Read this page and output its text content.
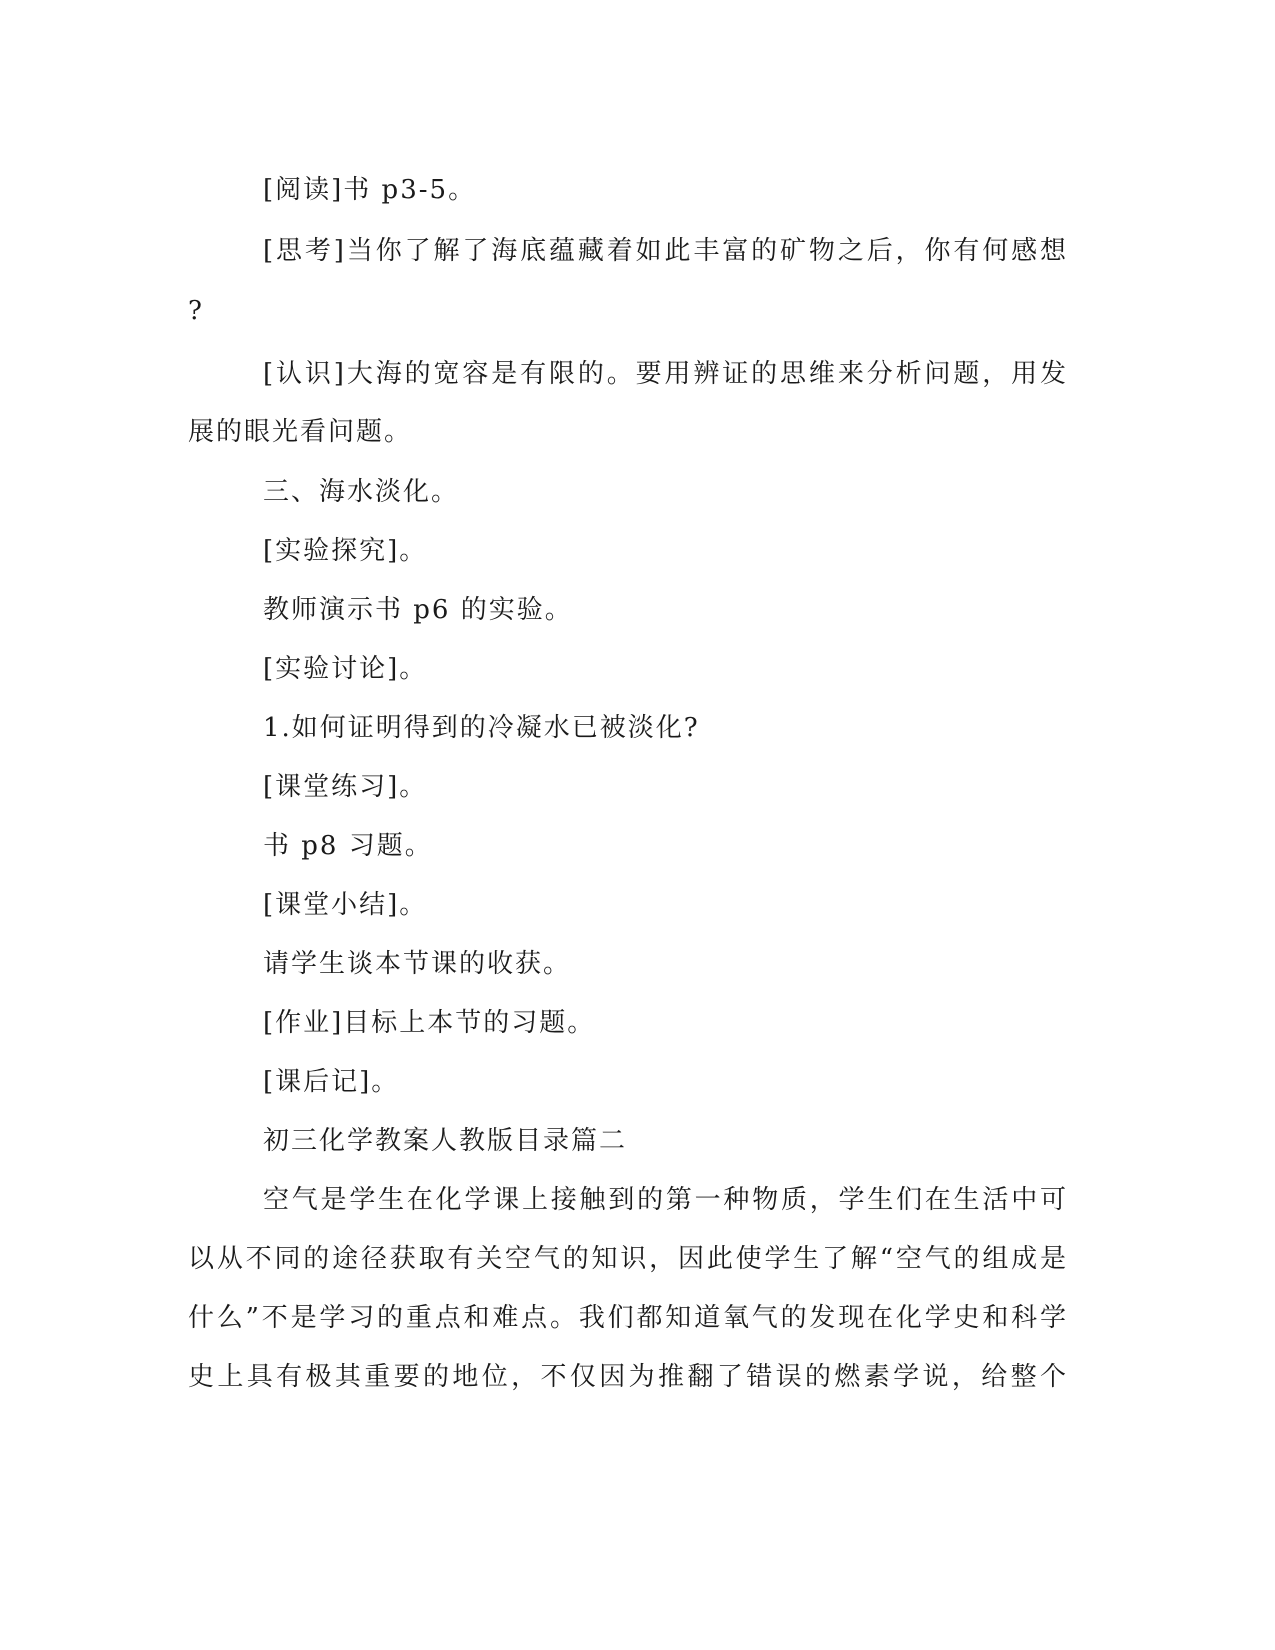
[阅读]书 p3-5。
[思考]当你了解了海底蕴藏着如此丰富的矿物之后，你有何感想
?
[认识]大海的宽容是有限的。要用辨证的思维来分析问题，用发
展的眼光看问题。
三、海水淡化。
[实验探究]。
教师演示书 p6 的实验。
[实验讨论]。
1.如何证明得到的冷凝水已被淡化?
[课堂练习]。
书 p8 习题。
[课堂小结]。
请学生谈本节课的收获。
[作业]目标上本节的习题。
[课后记]。
初三化学教案人教版目录篇二
空气是学生在化学课上接触到的第一种物质，学生们在生活中可
以从不同的途径获取有关空气的知识，因此使学生了解“空气的组成是
什么”不是学习的重点和难点。我们都知道氧气的发现在化学史和科学
史上具有极其重要的地位，不仅因为推翻了错误的燃素学说，给整个
